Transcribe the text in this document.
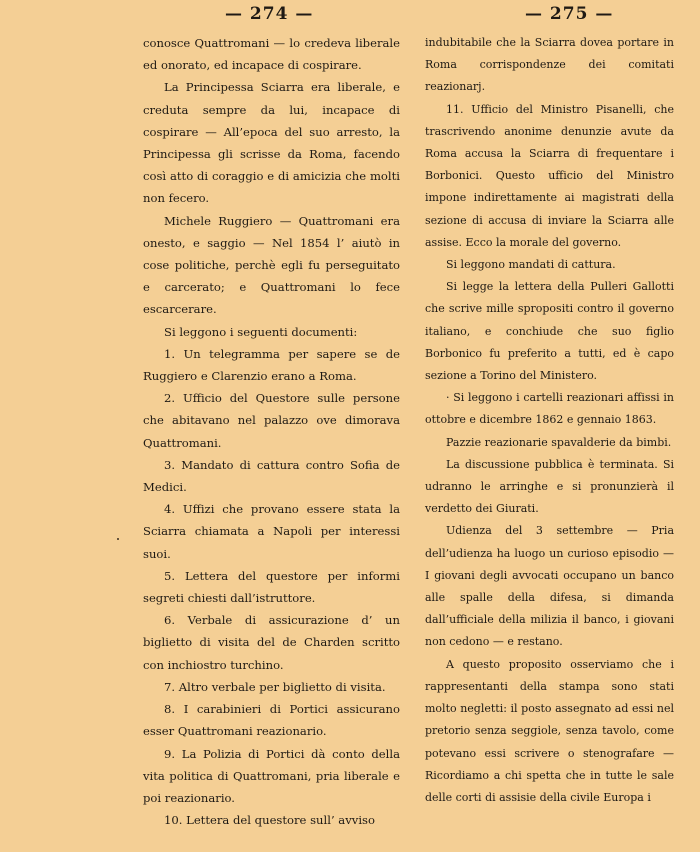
— 274 —	— 275 —

conosce Quattromani — lo credeva liberale ed onorato, ed incapace di cospirare.

La Principessa Sciarra era liberale, e creduta sempre da lui, incapace di cospirare — All’epoca del suo arresto, la Principessa gli scrisse da Roma, facendo così atto di coraggio e di amicizia che molti non fecero.

Michele Ruggiero — Quattromani era onesto, e saggio — Nel 1854 l’ aiutò in cose politiche, perchè egli fu perseguitato e carcerato; e Quattromani lo fece escarcerare.

Si leggono i seguenti documenti:

1. Un telegramma per sapere se de Ruggiero e Clarenzio erano a Roma.

2. Ufficio del Questore sulle persone che abitavano nel palazzo ove dimorava Quattromani.

3. Mandato di cattura contro Sofia de Medici.

4. Uffizi che provano essere stata la Sciarra chiamata a Napoli per interessi suoi.

5. Lettera del questore per informi segreti chiesti dall’istruttore.

6. Verbale di assicurazione d’ un biglietto di visita del de Charden scritto con inchiostro turchino.

7. Altro verbale per biglietto di visita.

8. I carabinieri di Portici assicurano esser Quattromani reazionario.

9. La Polizia di Portici dà conto della vita politica di Quattromani, pria liberale e poi reazionario.

10. Lettera del questore sull’ avviso

indubitabile che la Sciarra dovea portare in Roma corrispondenze dei comitati reazionarj.

11. Ufficio del Ministro Pisanelli, che trascrivendo anonime denunzie avute da Roma accusa la Sciarra di frequentare i Borbonici. Questo ufficio del Ministro impone indirettamente ai magistrati della sezione di accusa di inviare la Sciarra alle assise. Ecco la morale del governo.

Si leggono mandati di cattura.

Si legge la lettera della Pulleri Gallotti che scrive mille spropositi contro il governo italiano, e conchiude che suo figlio Borbonico fu preferito a tutti, ed è capo sezione a Torino del Ministero.

· Si leggono i cartelli reazionari affissi in ottobre e dicembre 1862 e gennaio 1863.

Pazzie reazionarie spavalderie da bimbi.

La discussione pubblica è terminata. Si udranno le arringhe e si pronunzierà il verdetto dei Giurati.

Udienza del 3 settembre — Pria dell’udienza ha luogo un curioso episodio — I giovani degli avvocati occupano un banco alle spalle della difesa, si dimanda dall’ufficiale della milizia il banco, i giovani non cedono — e restano.

A questo proposito osserviamo che i rappresentanti della stampa sono stati molto negletti: il posto assegnato ad essi nel pretorio senza seggiole, senza tavolo, come potevano essi scrivere o stenografare — Ricordiamo a chi spetta che in tutte le sale delle corti di assisie della civile Europa i
